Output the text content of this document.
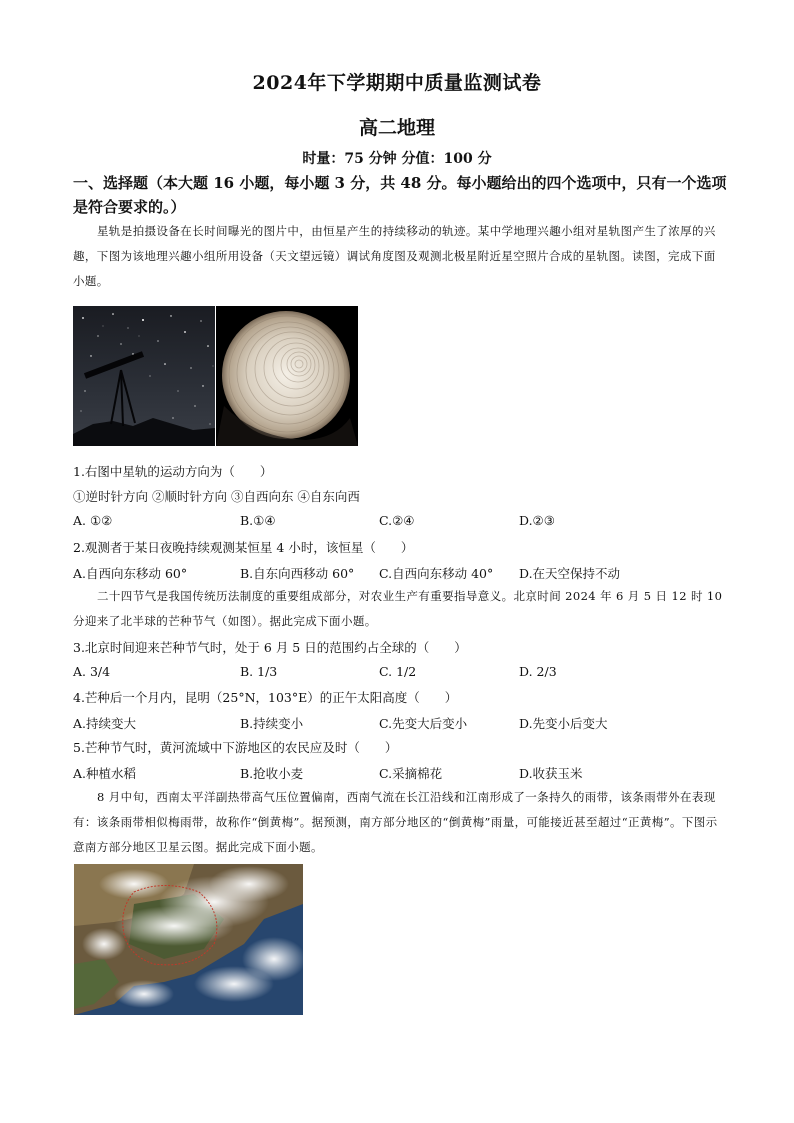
2024年下学期期中质量监测试卷
高二地理
时量：75 分钟 分值：100 分
一、选择题（本大题 16 小题，每小题 3 分，共 48 分。每小题给出的四个选项中，只有一个选项是符合要求的。）
星轨是拍摄设备在长时间曝光的图片中，由恒星产生的持续移动的轨迹。某中学地理兴趣小组对星轨图产生了浓厚的兴趣，下图为该地理兴趣小组所用设备（天文望远镜）调试角度图及观测北极星附近星空照片合成的星轨图。读图，完成下面小题。
1.右图中星轨的运动方向为（　　）
①逆时针方向 ②顺时针方向 ③自西向东 ④自东向西
A. ①②	B.①④	C.②④	D.②③
2.观测者于某日夜晚持续观测某恒星 4 小时，该恒星（　　）
A.自西向东移动 60°	B.自东向西移动 60° C.自西向东移动 40° D.在天空保持不动
二十四节气是我国传统历法制度的重要组成部分，对农业生产有重要指导意义。北京时间 2024 年 6 月 5 日 12 时 10 分迎来了北半球的芒种节气（如图）。据此完成下面小题。
3.北京时间迎来芒种节气时，处于 6 月 5 日的范围约占全球的（　　）
A. 3/4	B. 1/3	C. 1/2	D. 2/3
4.芒种后一个月内，昆明（25°N，103°E）的正午太阳高度（　　）
A.持续变大	B.持续变小	C.先变大后变小	D.先变小后变大
5.芒种节气时，黄河流域中下游地区的农民应及时（　　）
A.种植水稻	B.抢收小麦	C.采摘棉花	D.收获玉米
8 月中旬，西南太平洋副热带高气压位置偏南，西南气流在长江沿线和江南形成了一条持久的雨带，该条雨带外在表现有：该条雨带相似梅雨带，故称作“倒黄梅”。据预测，南方部分地区的“倒黄梅”雨量，可能接近甚至超过“正黄梅”。下图示意南方部分地区卫星云图。据此完成下面小题。
